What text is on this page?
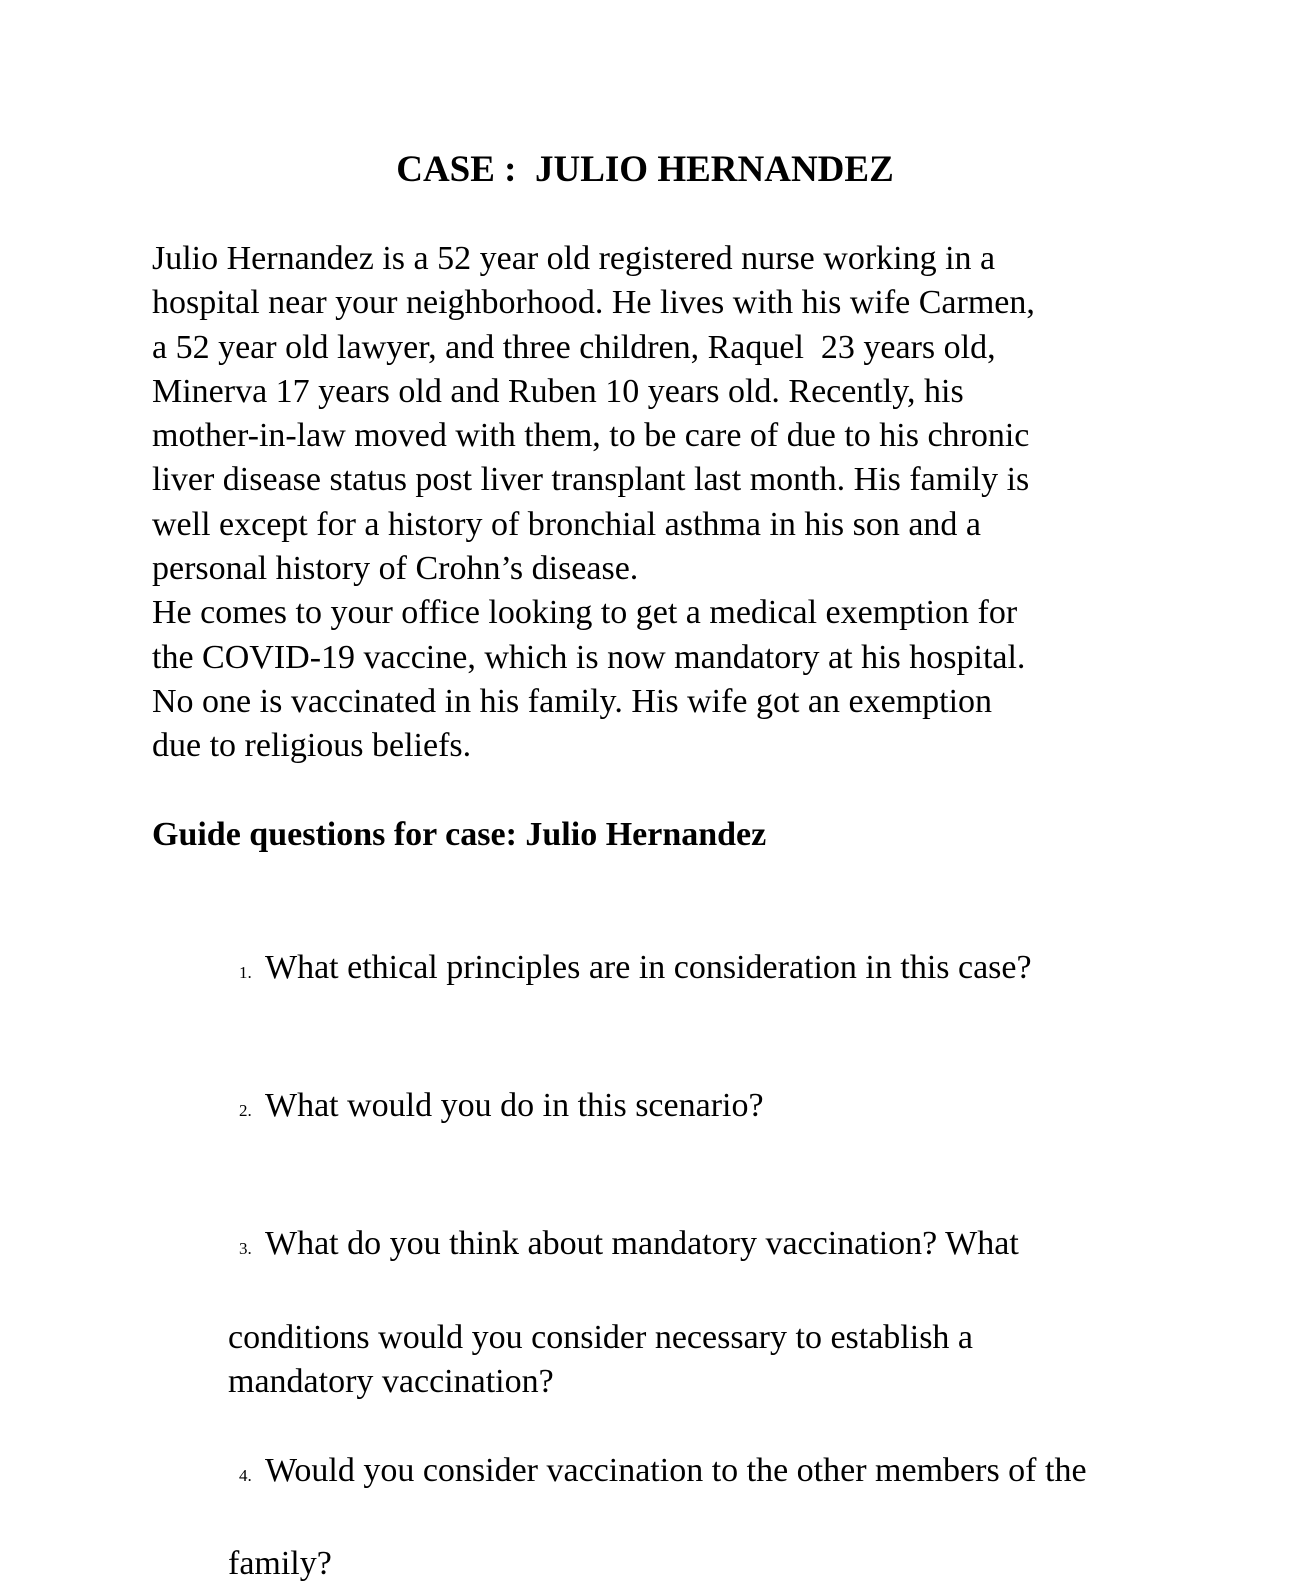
CASE :  JULIO HERNANDEZ
Julio Hernandez is a 52 year old registered nurse working in a
hospital near your neighborhood. He lives with his wife Carmen,
a 52 year old lawyer, and three children, Raquel  23 years old,
Minerva 17 years old and Ruben 10 years old. Recently, his
mother-in-law moved with them, to be care of due to his chronic
liver disease status post liver transplant last month. His family is
well except for a history of bronchial asthma in his son and a
personal history of Crohn’s disease.
He comes to your office looking to get a medical exemption for
the COVID-19 vaccine, which is now mandatory at his hospital.
No one is vaccinated in his family. His wife got an exemption
due to religious beliefs.
Guide questions for case: Julio Hernandez

1. What ethical principles are in consideration in this case?

2. What would you do in this scenario?

3. What do you think about mandatory vaccination? What

conditions would you consider necessary to establish a
mandatory vaccination?

4. Would you consider vaccination to the other members of the

family?
